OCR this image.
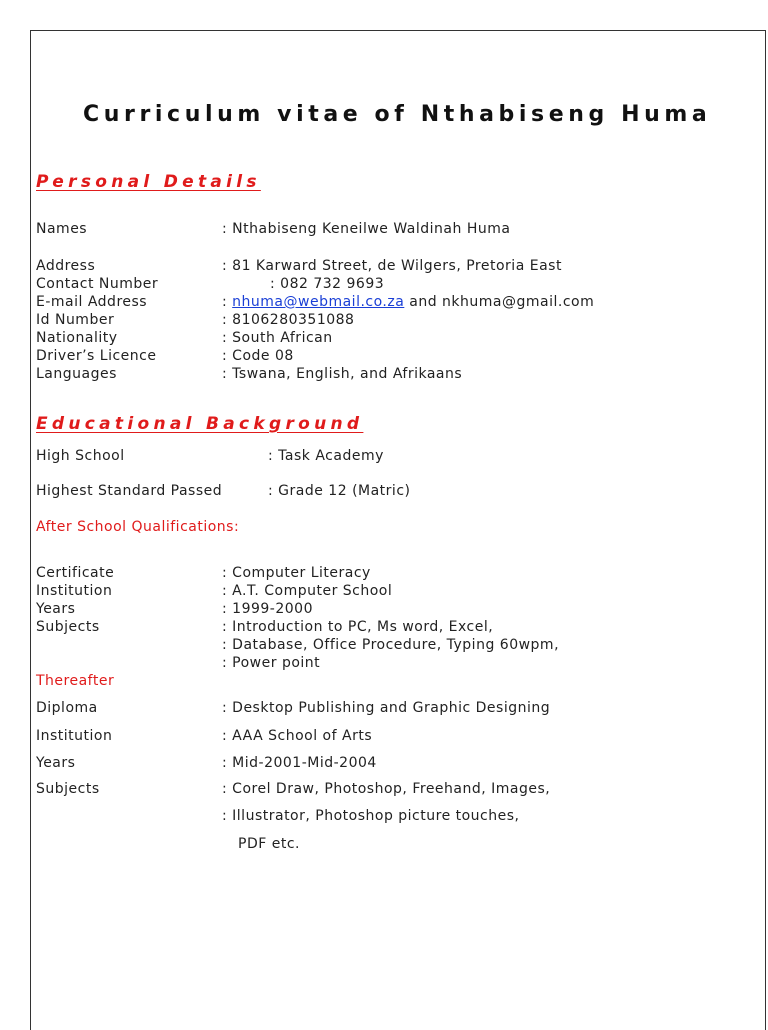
Curriculum vitae of Nthabiseng Huma
Personal Details
Names	: Nthabiseng Keneilwe Waldinah Huma
Address	: 81 Karward Street, de Wilgers, Pretoria East
Contact Number	: 082 732 9693
E-mail Address	: nhuma@webmail.co.za and nkhuma@gmail.com
Id Number	: 8106280351088
Nationality	: South African
Driver’s Licence	: Code 08
Languages	: Tswana, English, and Afrikaans
Educational Background
High School	: Task Academy
Highest Standard Passed	: Grade 12 (Matric)
After School Qualifications:
Certificate	: Computer Literacy
Institution	: A.T. Computer School
Years	: 1999-2000
Subjects	: Introduction to PC, Ms word, Excel,
: Database, Office Procedure, Typing 60wpm,
: Power point
Thereafter
Diploma	: Desktop Publishing and Graphic Designing
Institution	: AAA School of Arts
Years	: Mid-2001-Mid-2004
Subjects	: Corel Draw, Photoshop, Freehand, Images,
: Illustrator, Photoshop picture touches,
PDF etc.
